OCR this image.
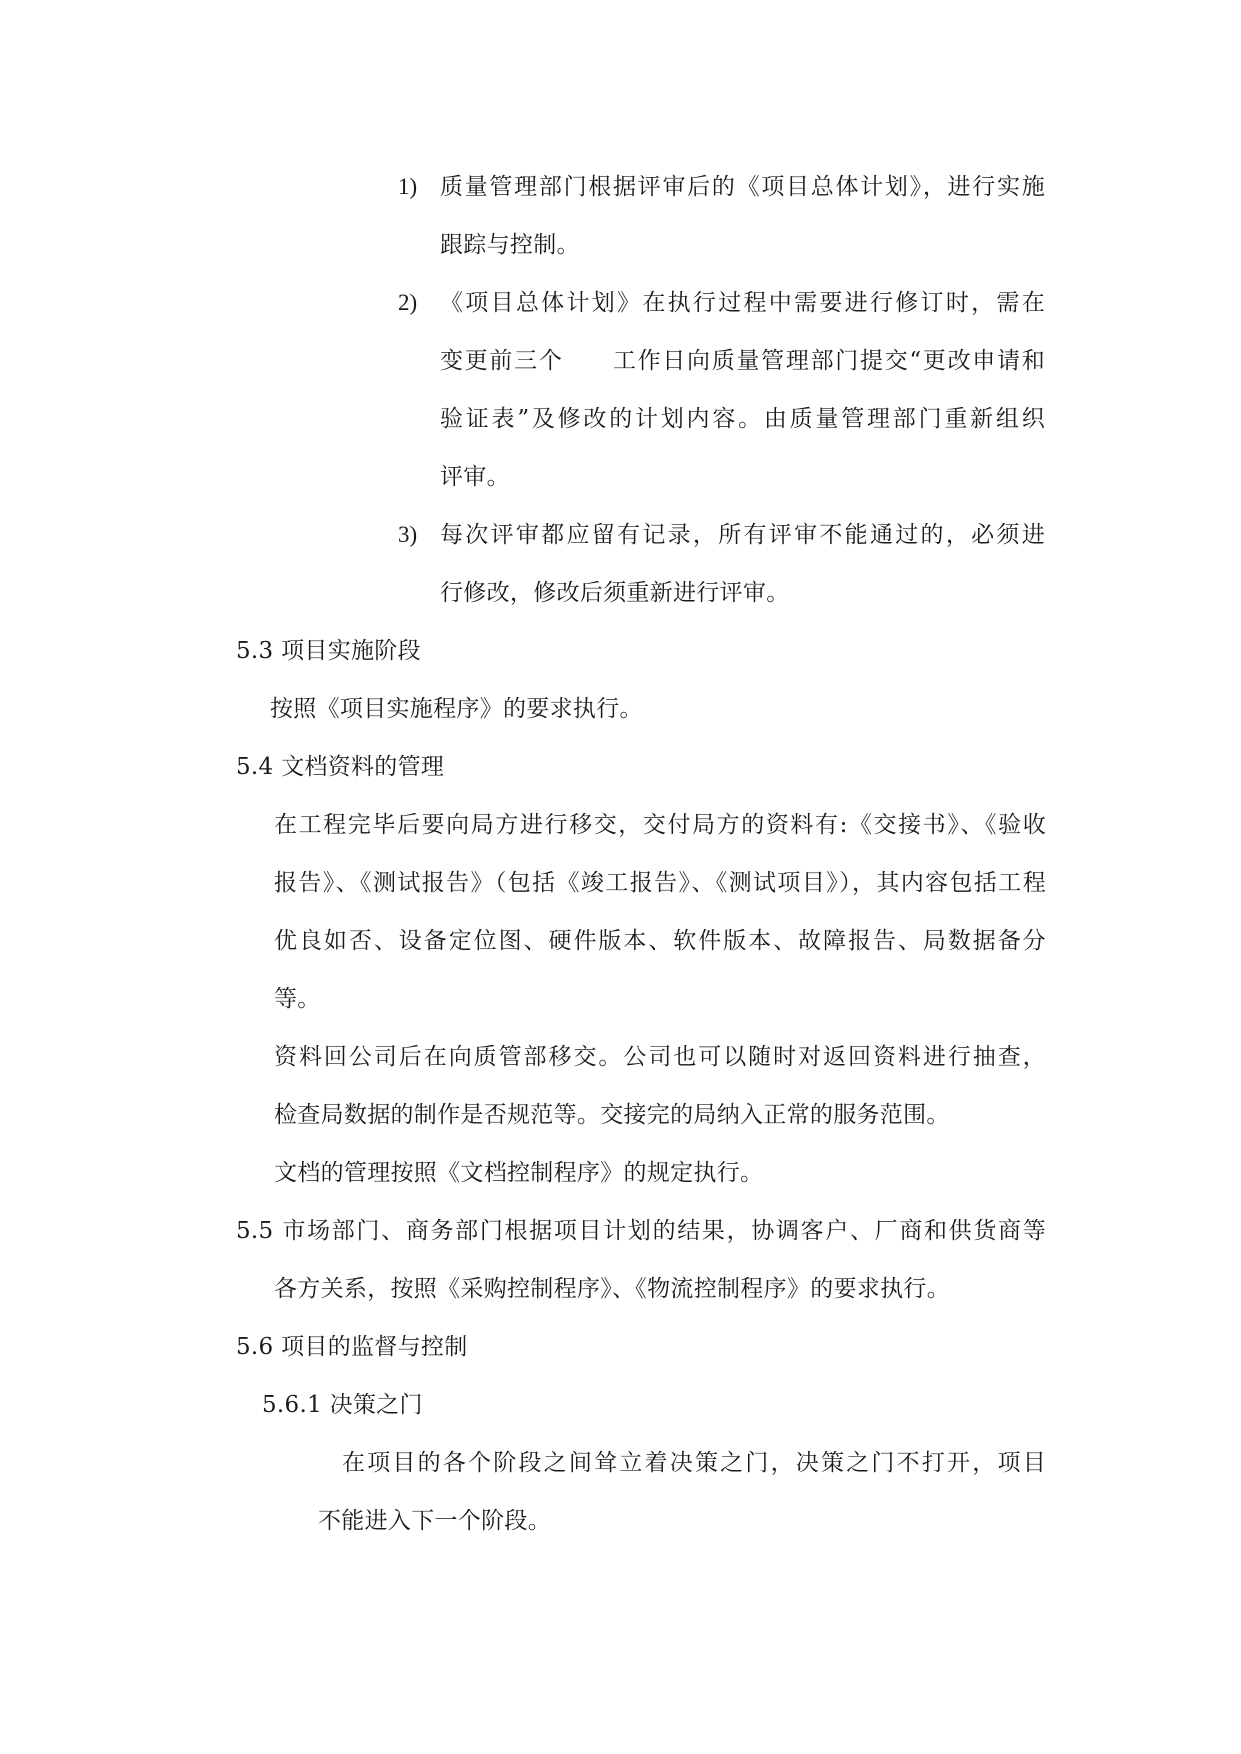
1) 质量管理部门根据评审后的《项目总体计划》，进行实施
跟踪与控制。
2) 《项目总体计划》在执行过程中需要进行修订时，需在
变更前三个　　工作日向质量管理部门提交“更改申请和
验证表”及修改的计划内容。由质量管理部门重新组织
评审。
3) 每次评审都应留有记录，所有评审不能通过的，必须进
行修改，修改后须重新进行评审。
5.3 项目实施阶段
按照《项目实施程序》的要求执行。
5.4 文档资料的管理
在工程完毕后要向局方进行移交，交付局方的资料有:《交接书》、《验收
报告》、《测试报告》（包括《竣工报告》、《测试项目》），其内容包括工程
优良如否、设备定位图、硬件版本、软件版本、故障报告、局数据备分
等。
资料回公司后在向质管部移交。公司也可以随时对返回资料进行抽查，
检查局数据的制作是否规范等。交接完的局纳入正常的服务范围。
文档的管理按照《文档控制程序》的规定执行。
5.5 市场部门、商务部门根据项目计划的结果，协调客户、厂商和供货商等
各方关系，按照《采购控制程序》、《物流控制程序》的要求执行。
5.6 项目的监督与控制
5.6.1 决策之门
在项目的各个阶段之间耸立着决策之门，决策之门不打开，项目
不能进入下一个阶段。
